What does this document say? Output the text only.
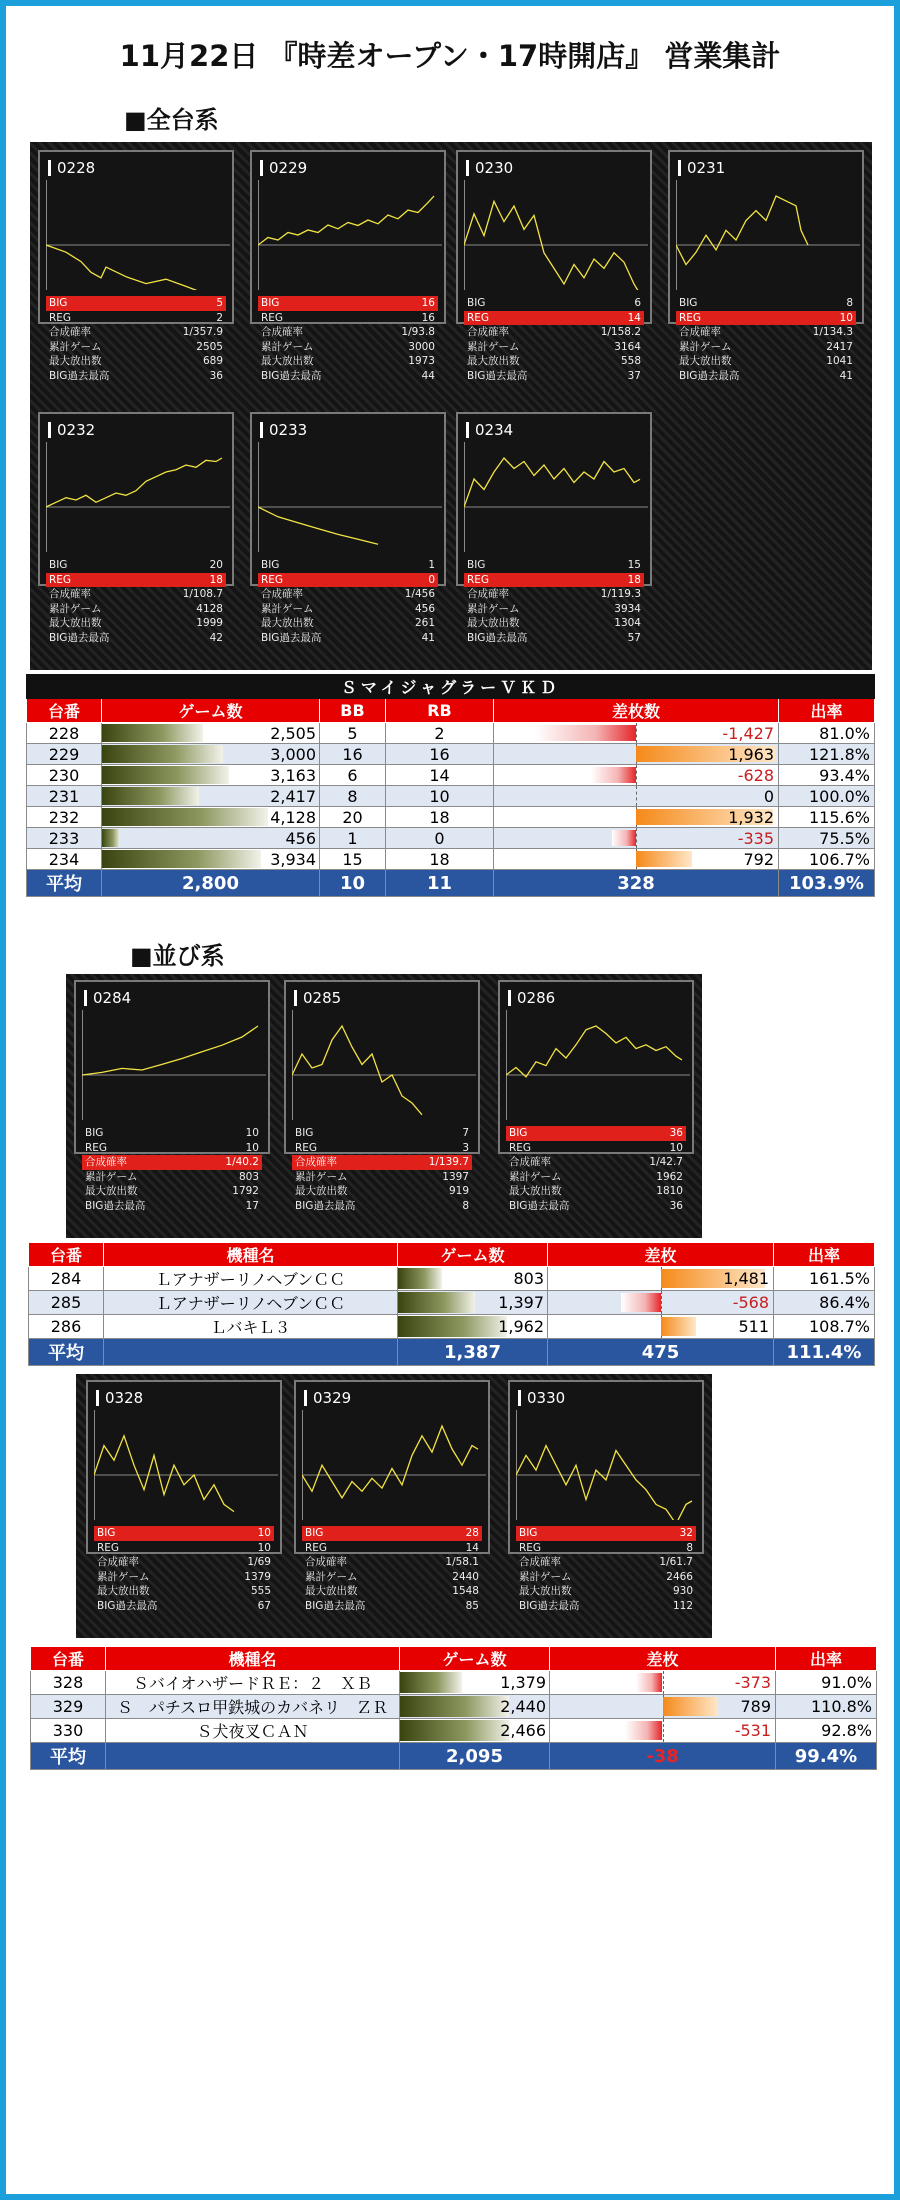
11月22日 『時差オープン・17時開店』 営業集計
■全台系
ＳマイジャグラーＶＫＤ					
台番	ゲーム数	BB	RB	差枚数	出率
228	2,505	5	2	-1,427	81.0%
229	3,000	16	16	1,963	121.8%
230	3,163	6	14	-628	93.4%
231	2,417	8	10	0	100.0%
232	4,128	20	18	1,932	115.6%
233	456	1	0	-335	75.5%
234	3,934	15	18	792	106.7%
平均	2,800	10	11	328	103.9%
■並び系
台番	機種名	ゲーム数	差枚	出率
284	ＬアナザーリノヘブンＣＣ	803	1,481	161.5%
285	ＬアナザーリノヘブンＣＣ	1,397	-568	86.4%
286	ＬバキＬ３	1,962	511	108.7%
平均		1,387	475	111.4%
台番	機種名	ゲーム数	差枚	出率
328	ＳバイオハザードＲＥ：２　ＸＢ	1,379	-373	91.0%
329	Ｓ　パチスロ甲鉄城のカバネリ　ＺＲ	2,440	789	110.8%
330	Ｓ犬夜叉ＣＡＮ	2,466	-531	92.8%
平均		2,095	-38	99.4%
0228
BIG	5
REG	2
合成確率	1/357.9
累計ゲーム	2505
最大放出数	689
BIG過去最高	36
0229
BIG	16
REG	16
合成確率	1/93.8
累計ゲーム	3000
最大放出数	1973
BIG過去最高	44
0230
BIG	6
REG	14
合成確率	1/158.2
累計ゲーム	3164
最大放出数	558
BIG過去最高	37
0231
BIG	8
REG	10
合成確率	1/134.3
累計ゲーム	2417
最大放出数	1041
BIG過去最高	41
0232
BIG	20
REG	18
合成確率	1/108.7
累計ゲーム	4128
最大放出数	1999
BIG過去最高	42
0233
BIG	1
REG	0
合成確率	1/456
累計ゲーム	456
最大放出数	261
BIG過去最高	41
0234
BIG	15
REG	18
合成確率	1/119.3
累計ゲーム	3934
最大放出数	1304
BIG過去最高	57
0284
BIG	10
REG	10
合成確率	1/40.2
累計ゲーム	803
最大放出数	1792
BIG過去最高	17
0285
BIG	7
REG	3
合成確率	1/139.7
累計ゲーム	1397
最大放出数	919
BIG過去最高	8
0286
BIG	36
REG	10
合成確率	1/42.7
累計ゲーム	1962
最大放出数	1810
BIG過去最高	36
0328
BIG	10
REG	10
合成確率	1/69
累計ゲーム	1379
最大放出数	555
BIG過去最高	67
0329
BIG	28
REG	14
合成確率	1/58.1
累計ゲーム	2440
最大放出数	1548
BIG過去最高	85
0330
BIG	32
REG	8
合成確率	1/61.7
累計ゲーム	2466
最大放出数	930
BIG過去最高	112
